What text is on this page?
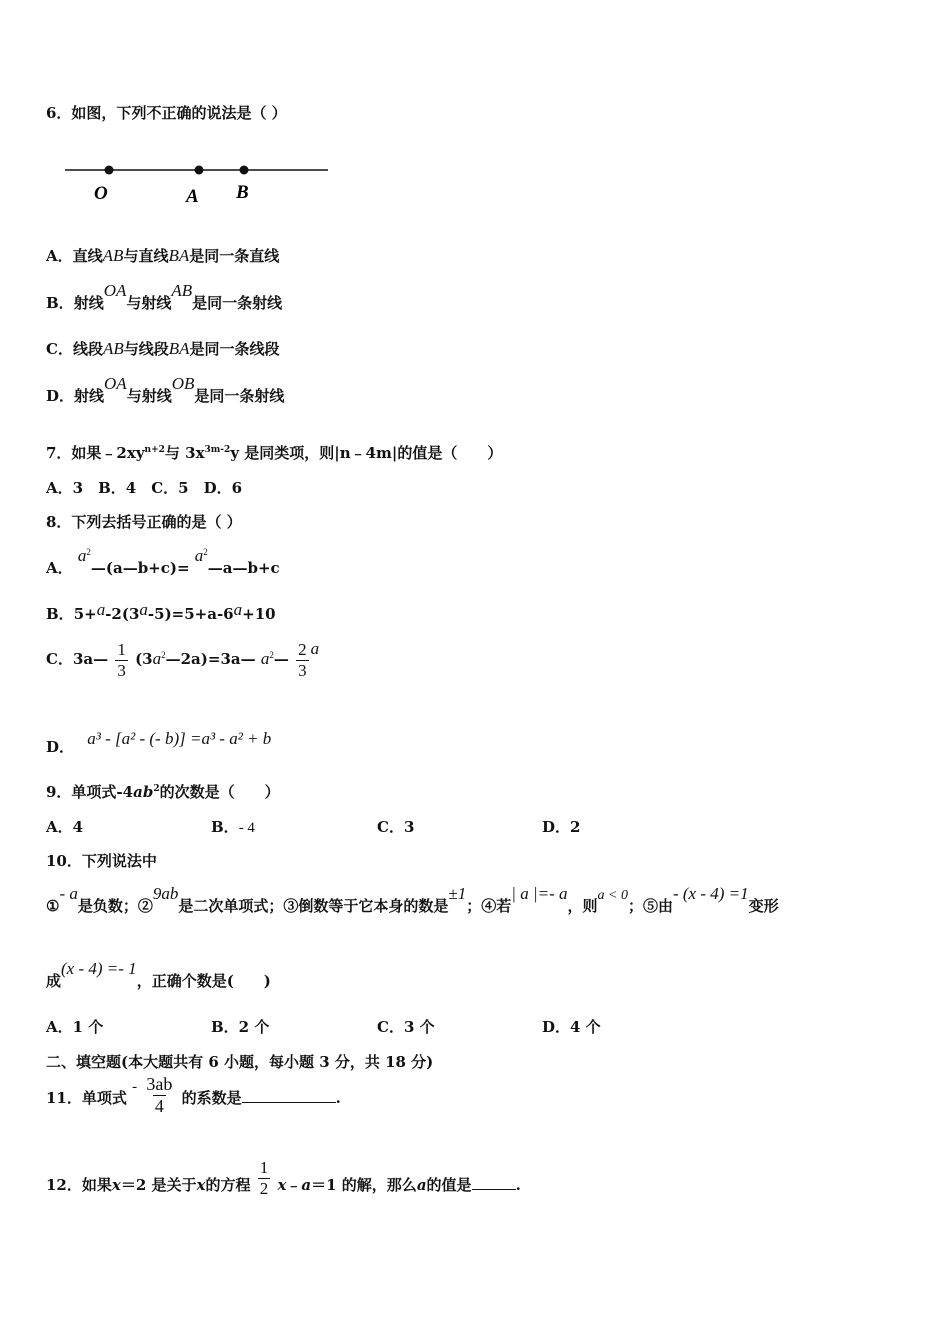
6．如图，下列不正确的说法是（ ）
O	A B
A．直线AB与直线BA是同一条直线
B．射线OA与射线AB是同一条射线
C．线段AB与线段BA是同一条线段
D．射线OA与射线OB是同一条射线
7．如果$﹣2xy^{n+2}$与 $3x^{3m-2}y$ 是同类项，则|n﹣4m|的值是（　　）
A．3　B．4　C．5　D．6
8．下列去括号正确的是（ ）
A． $a^2—(a—b+c)=$ $a^2—a—b+c$
B．5+a-2(3a-5)=5+a-6a+10
C．3a— $\frac{1}{3}$ $(3a^2—2a)=3a—$ $a^2— \frac{2}{3}$ a
D． a³ - [a² - (- b)] =a³ - a² + b
9．单项式$-4ab^2$的次数是（　　）
A．4	B．- 4	C．3	D．2
10．下列说法中
①- a是负数；②9ab是二次单项式；③倒数等于它本身的数是±1；④若| a |=- a，则a < 0；⑤由- (x - 4) =1变形
成(x - 4) =- 1，正确个数是(　　)
A．1 个	B．2 个	C．3 个	D．4 个
二、填空题(本大题共有 6 小题，每小题 3 分，共 18 分)
11．单项式 - $\frac{3ab}{4}$ 的系数是	.
12．如果x＝2 是关于x的方程 $\frac{1}{2}$ x﹣a＝1 的解，那么a的值是	.
